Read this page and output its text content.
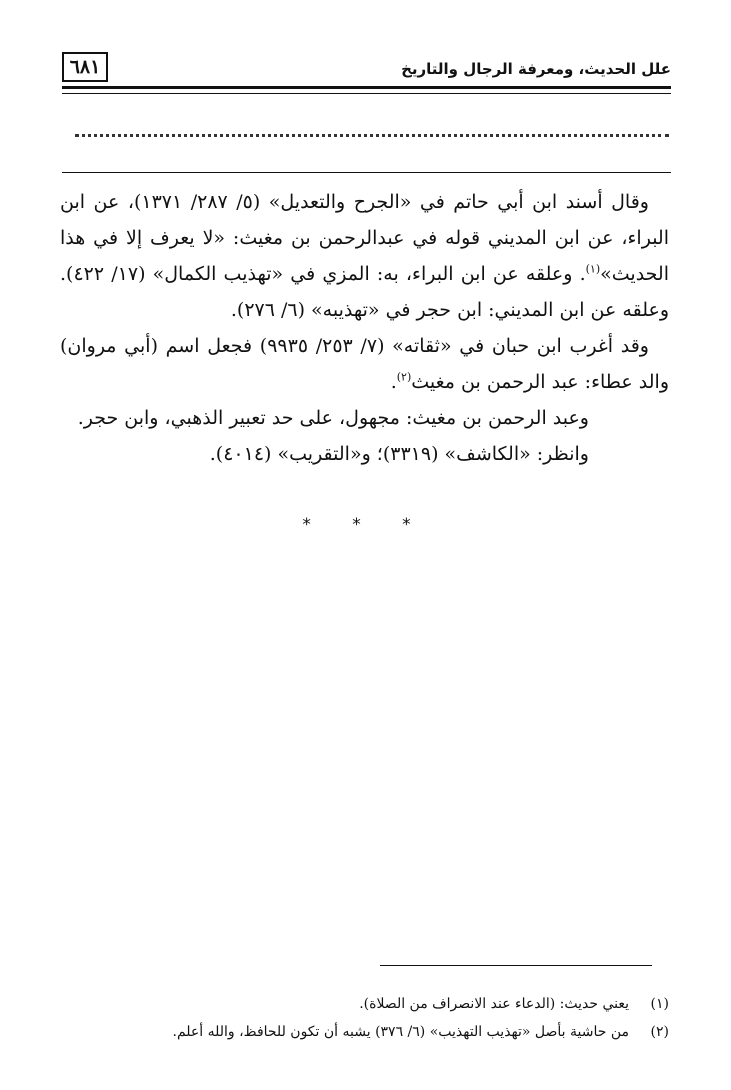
٦٨١	علل الحديث، ومعرفة الرجال والتاريخ

وقال أسند ابن أبي حاتم في «الجرح والتعديل» (٥/ ٢٨٧/ ١٣٧١)، عن ابن البراء، عن ابن المديني قوله في عبدالرحمن بن مغيث: «لا يعرف إلا في هذا الحديث»$^{(١)}$. وعلقه عن ابن البراء، به: المزي في «تهذيب الكمال» (١٧/ ٤٢٢). وعلقه عن ابن المديني: ابن حجر في «تهذيبه» (٦/ ٢٧٦).

وقد أغرب ابن حبان في «ثقاته» (٧/ ٢٥٣/ ٩٩٣٥) فجعل اسم (أبي مروان) والد عطاء: عبد الرحمن بن مغيث$^{(٢)}$.

وعبد الرحمن بن مغيث: مجهول، على حد تعبير الذهبي، وابن حجر.

وانظر: «الكاشف» (٣٣١٩)؛ و«التقريب» (٤٠١٤).

* * *

(١)يعني حديث: (الدعاء عند الانصراف من الصلاة).

(٢)من حاشية بأصل «تهذيب التهذيب» (٦/ ٣٧٦) يشبه أن تكون للحافظ، والله أعلم.
